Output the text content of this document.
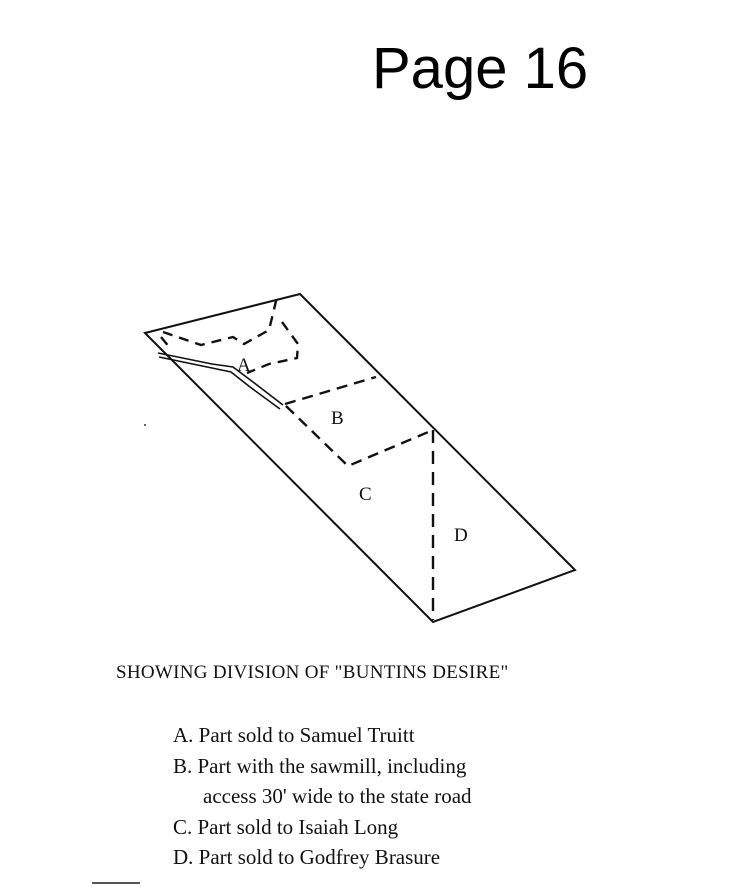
Page 16
A
B
C
D
SHOWING DIVISION OF "BUNTINS DESIRE"
A. Part sold to Samuel Truitt
B. Part with the sawmill, including
access 30' wide to the state road
C. Part sold to Isaiah Long
D. Part sold to Godfrey Brasure
